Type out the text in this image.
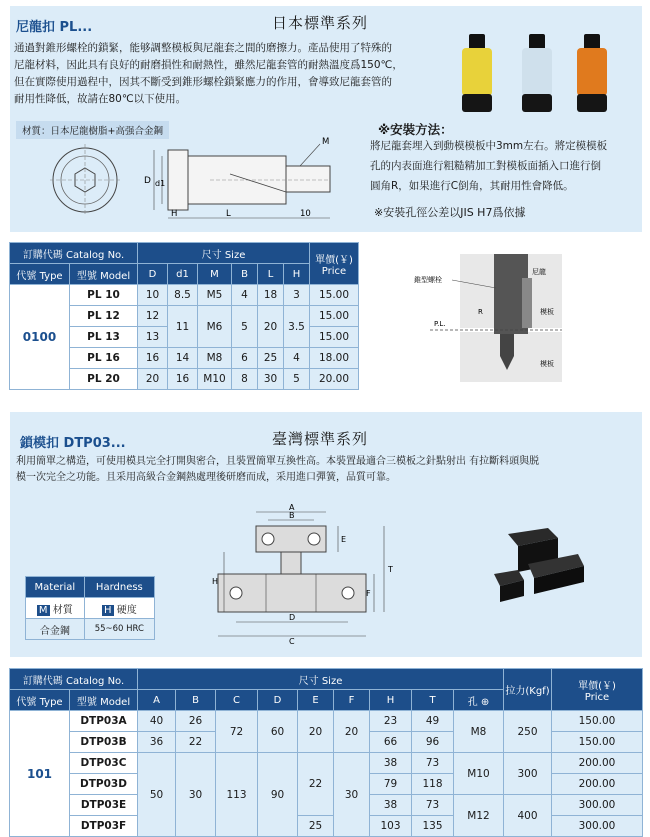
尼龍扣 PL...	日本標準系列
通過對錐形螺栓的鎖緊，能够調整模板與尼龍套之間的磨擦力。產品使用了特殊的
尼龍材料，因此具有良好的耐磨損性和耐熱性，雖然尼龍套管的耐熱溫度爲150℃，
但在實際使用過程中，因其不斷受到錐形螺栓鎖緊應力的作用，會導致尼龍套管的
耐用性降低，故請在80℃以下使用。
材質：日本尼龍樹脂+高强合金鋼	※安裝方法：
將尼龍套埋入到動模模板中3mm左右。將定模模板
孔的内表面進行粗糙精加工對模板面插入口進行倒
圓角R，如果進行C倒角，其耐用性會降低。
※安裝孔徑公差以JIS H7爲依據
D d1
H	L	10
M
訂購代碼 Catalog No.		尺寸 Size						單價(￥)
Price

代號 Type	型號 Model	D	d1	M	B	L	H	
0100	PL 10	10	8.5	M5	4	18	3	15.00
	PL 12	12	11	M6	5	20	3.5	15.00
	PL 13	13						15.00
	PL 16	16	14	M8	6	25	4	18.00
	PL 20	20	16	M10	8	30	5	20.00
錐型螺栓
尼龍
模板
模板
P.L.
R
鎖模扣 DTP03...	臺灣標準系列
利用簡單之構造，可使用模具完全打開與密合，且裝置簡單互換性高。本裝置最適合三模板之針點射出 有拉斷料頭與脱
模一次完全之功能。且采用高級合金鋼熱處理後研磨而成，采用進口彈簧，品質可靠。
Material	Hardness
M 材質	H 硬度
合金鋼	55~60 HRC
A
B
D
C
H
T
F
E
訂購代碼 Catalog No.		尺寸 Size									拉力(Kgf)	單價(￥)
Price

代號 Type	型號 Model	A	B	C	D	E	F	H	T	孔 ⊕		
101	DTP03A	40	26	72	60	20	20	23	49	M8	250	150.00
	DTP03B	36	22					66	96			150.00
	DTP03C	50	30	113	90	22	30	38	73	M10	300	200.00
	DTP03D							79	118			200.00
	DTP03E							38	73	M12	400	300.00
	DTP03F					25		103	135			300.00
